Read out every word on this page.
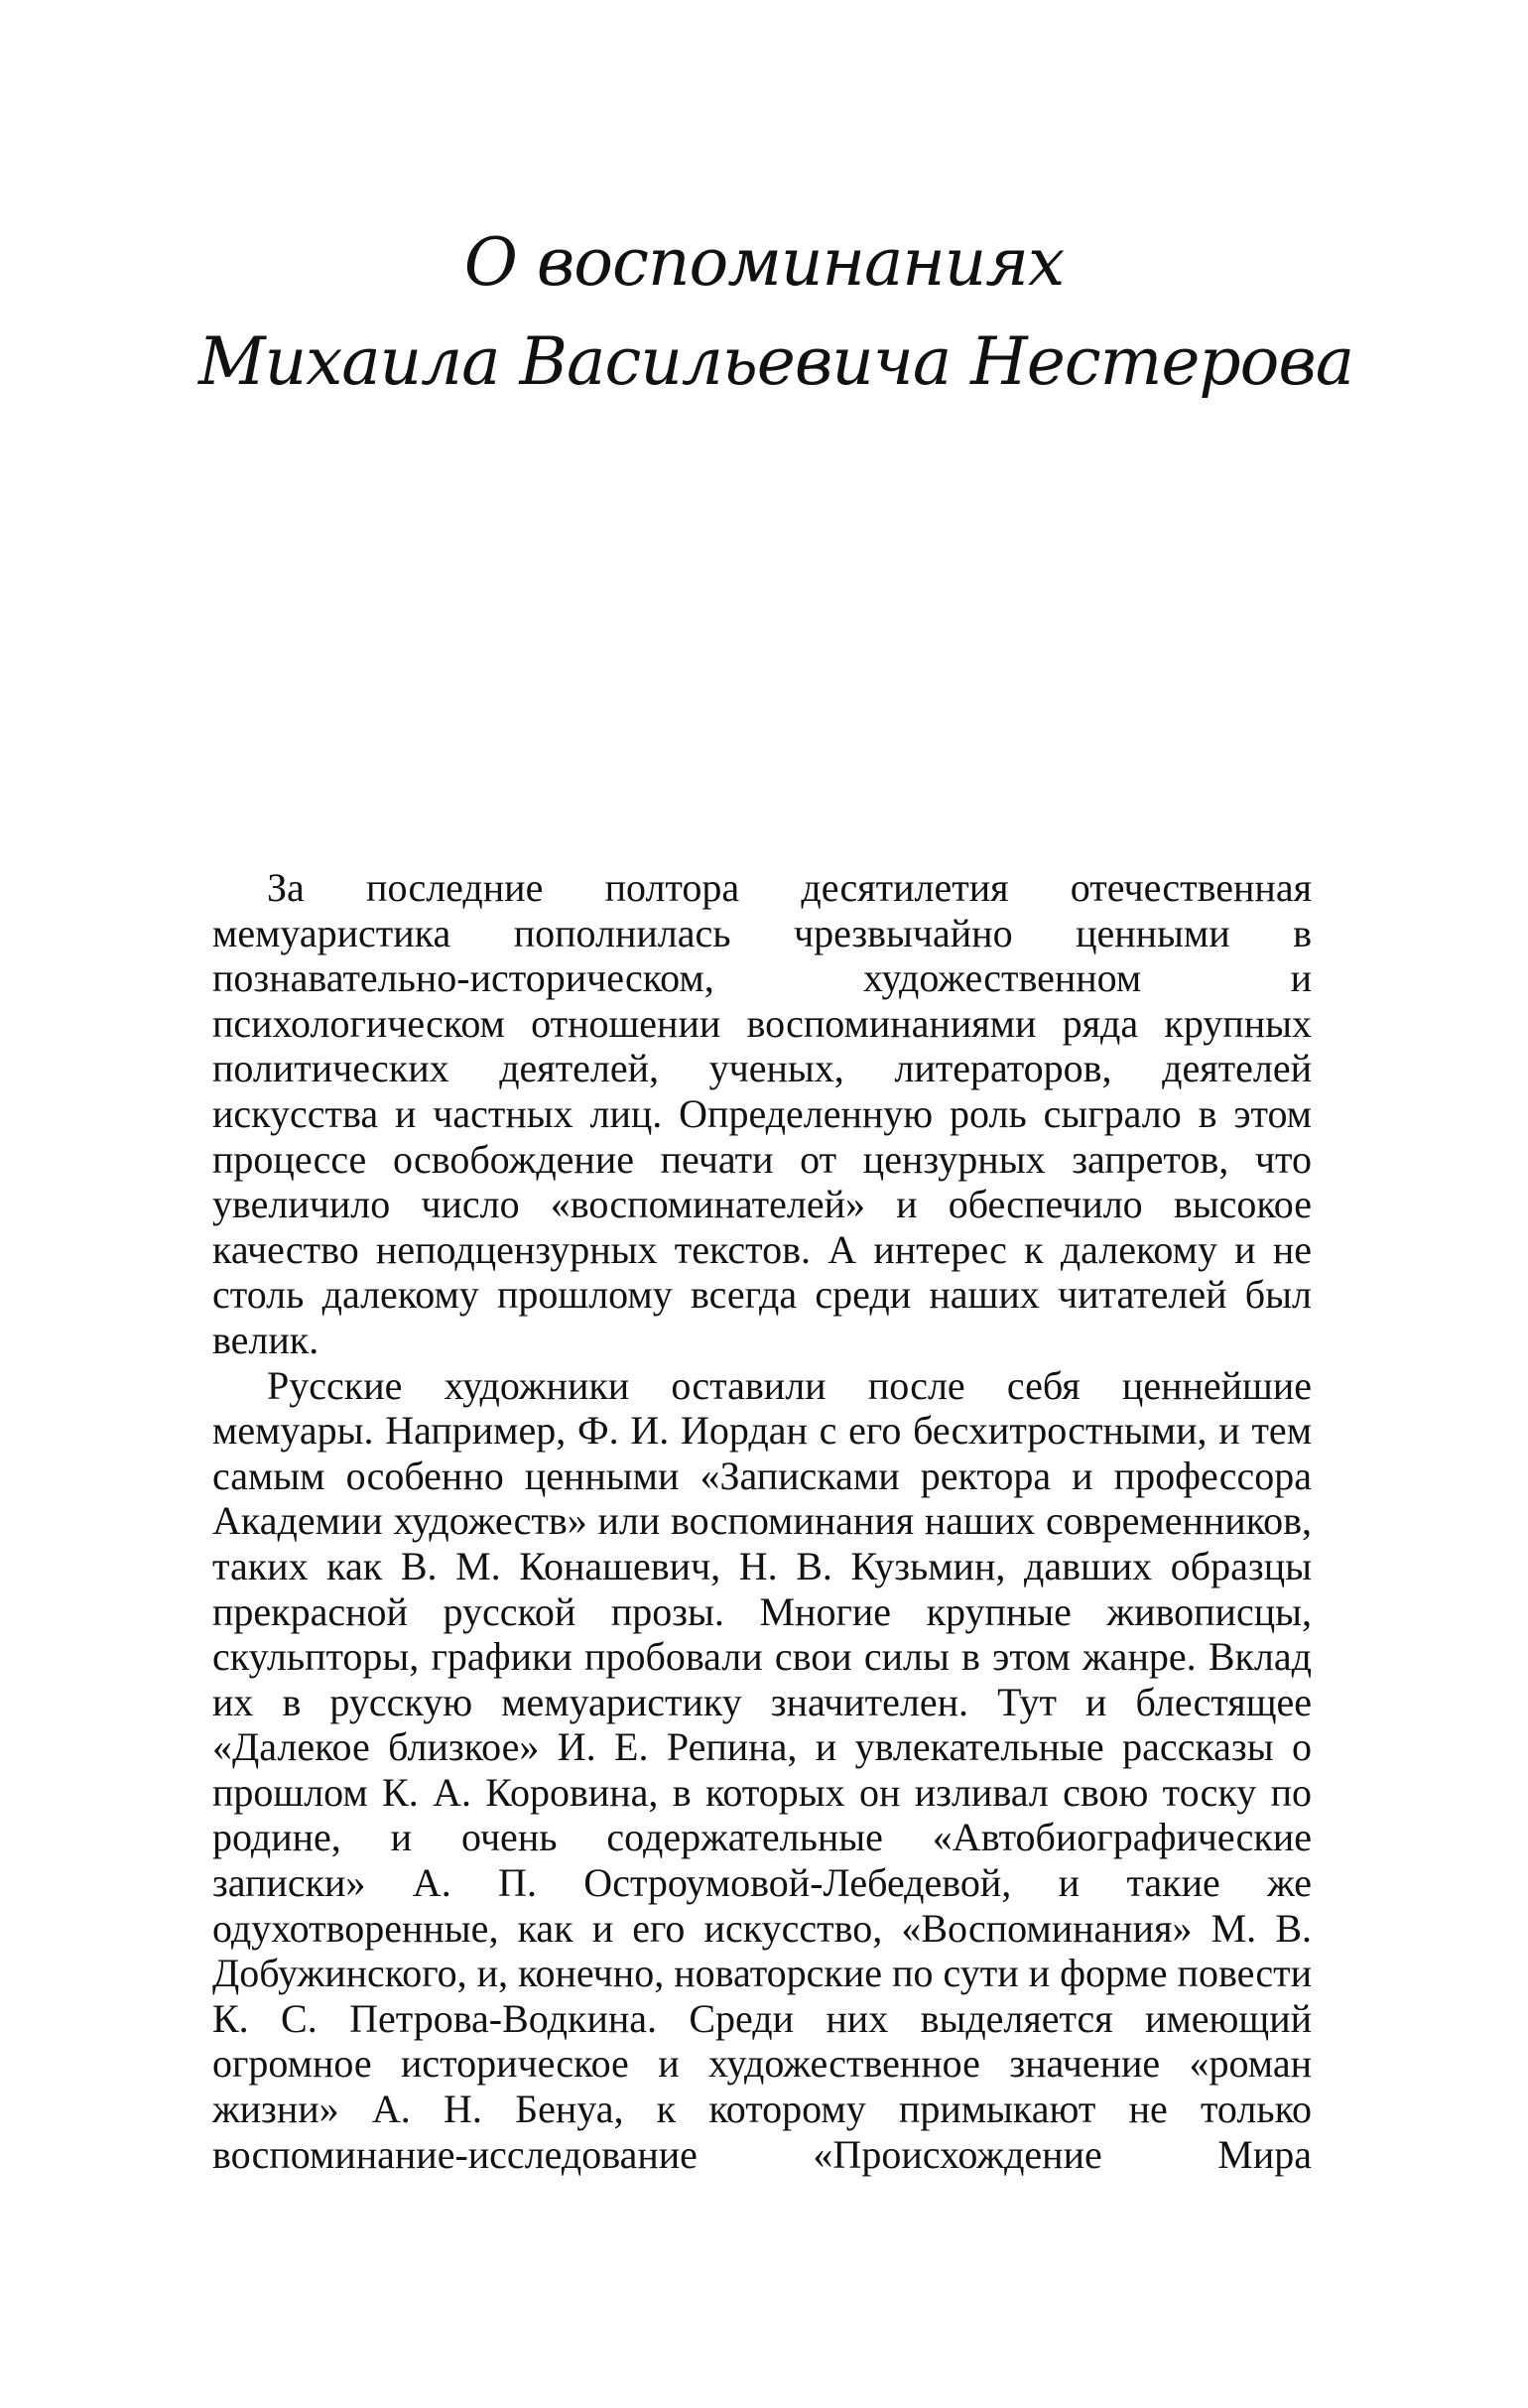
О воспоминаниях
Михаила Васильевича Нестерова

За последние полтора десятилетия отечественная мемуаристика пополнилась чрезвычайно ценными в познавательно-историческом, художественном и психологическом отношении воспоминаниями ряда крупных политических деятелей, ученых, литераторов, деятелей искусства и частных лиц. Определенную роль сыграло в этом процессе освобождение печати от цензурных запретов, что увеличило число «воспоминателей» и обеспечило высокое качество неподцензурных текстов. А интерес к далекому и не столь далекому прошлому всегда среди наших читателей был велик.

Русские художники оставили после себя ценнейшие мемуары. Например, Ф. И. Иордан с его бесхитростными, и тем самым особенно ценными «Записками ректора и профессора Академии художеств» или воспоминания наших современников, таких как В. М. Конашевич, Н. В. Кузьмин, давших образцы прекрасной русской прозы. Многие крупные живописцы, скульпторы, графики пробовали свои силы в этом жанре. Вклад их в русскую мемуаристику значителен. Тут и блестящее «Далекое близкое» И. Е. Репина, и увлекательные рассказы о прошлом К. А. Коровина, в которых он изливал свою тоску по родине, и очень содержательные «Автобиографические записки» А. П. Остроумовой-Лебедевой, и такие же одухотворенные, как и его искусство, «Воспоминания» М. В. Добужинского, и, конечно, новаторские по сути и форме повести К. С. Петрова-Водкина. Среди них выделяется имеющий огромное историческое и художественное значение «роман жизни» А. Н. Бенуа, к которому примыкают не только воспоминание-исследование «Происхождение Мира
